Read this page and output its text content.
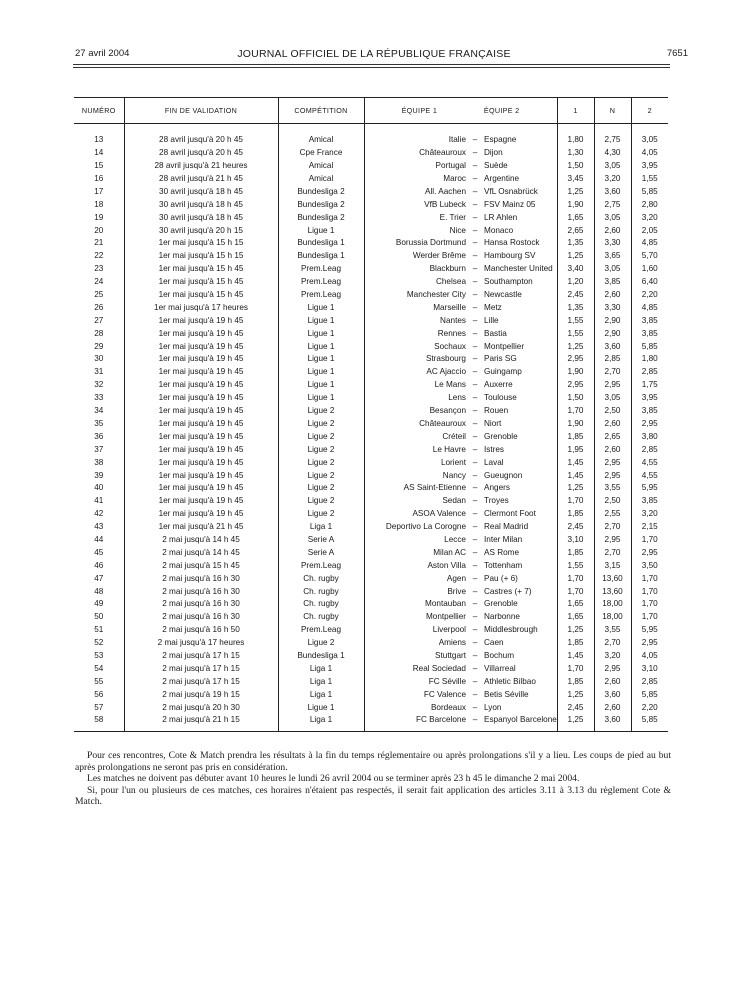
27 avril 2004	JOURNAL OFFICIEL DE LA RÉPUBLIQUE FRANÇAISE	7651
NUMÉRO	FIN DE VALIDATION	COMPÉTITION	ÉQUIPE 1 ÉQUIPE 2			1	N	2

13	28 avril jusqu'à 20 h 45	Amical	Italie	–	Espagne	1,80	2,75	3,05
14	28 avril jusqu'à 20 h 45	Cpe France	Châteauroux	–	Dijon	1,30	4,30	4,05
15	28 avril jusqu'à 21 heures	Amical	Portugal	–	Suède	1,50	3,05	3,95
16	28 avril jusqu'à 21 h 45	Amical	Maroc	–	Argentine	3,45	3,20	1,55
17	30 avril jusqu'à 18 h 45	Bundesliga 2	All. Aachen	–	VfL Osnabrück	1,25	3,60	5,85
18	30 avril jusqu'à 18 h 45	Bundesliga 2	VfB Lubeck	–	FSV Mainz 05	1,90	2,75	2,80
19	30 avril jusqu'à 18 h 45	Bundesliga 2	E. Trier	–	LR Ahlen	1,65	3,05	3,20
20	30 avril jusqu'à 20 h 15	Ligue 1	Nice	–	Monaco	2,65	2,60	2,05
21	1er mai jusqu'à 15 h 15	Bundesliga 1	Borussia Dortmund	–	Hansa Rostock	1,35	3,30	4,85
22	1er mai jusqu'à 15 h 15	Bundesliga 1	Werder Brême	–	Hambourg SV	1,25	3,65	5,70
23	1er mai jusqu'à 15 h 45	Prem.Leag	Blackburn	–	Manchester United	3,40	3,05	1,60
24	1er mai jusqu'à 15 h 45	Prem.Leag	Chelsea	–	Southampton	1,20	3,85	6,40
25	1er mai jusqu'à 15 h 45	Prem.Leag	Manchester City	–	Newcastle	2,45	2,60	2,20
26	1er mai jusqu'à 17 heures	Ligue 1	Marseille	–	Metz	1,35	3,30	4,85
27	1er mai jusqu'à 19 h 45	Ligue 1	Nantes	–	Lille	1,55	2,90	3,85
28	1er mai jusqu'à 19 h 45	Ligue 1	Rennes	–	Bastia	1,55	2,90	3,85
29	1er mai jusqu'à 19 h 45	Ligue 1	Sochaux	–	Montpellier	1,25	3,60	5,85
30	1er mai jusqu'à 19 h 45	Ligue 1	Strasbourg	–	Paris SG	2,95	2,85	1,80
31	1er mai jusqu'à 19 h 45	Ligue 1	AC Ajaccio	–	Guingamp	1,90	2,70	2,85
32	1er mai jusqu'à 19 h 45	Ligue 1	Le Mans	–	Auxerre	2,95	2,95	1,75
33	1er mai jusqu'à 19 h 45	Ligue 1	Lens	–	Toulouse	1,50	3,05	3,95
34	1er mai jusqu'à 19 h 45	Ligue 2	Besançon	–	Rouen	1,70	2,50	3,85
35	1er mai jusqu'à 19 h 45	Ligue 2	Châteauroux	–	Niort	1,90	2,60	2,95
36	1er mai jusqu'à 19 h 45	Ligue 2	Créteil	–	Grenoble	1,85	2,65	3,80
37	1er mai jusqu'à 19 h 45	Ligue 2	Le Havre	–	Istres	1,95	2,60	2,85
38	1er mai jusqu'à 19 h 45	Ligue 2	Lorient	–	Laval	1,45	2,95	4,55
39	1er mai jusqu'à 19 h 45	Ligue 2	Nancy	–	Gueugnon	1,45	2,95	4,55
40	1er mai jusqu'à 19 h 45	Ligue 2	AS Saint-Etienne	–	Angers	1,25	3,55	5,95
41	1er mai jusqu'à 19 h 45	Ligue 2	Sedan	–	Troyes	1,70	2,50	3,85
42	1er mai jusqu'à 19 h 45	Ligue 2	ASOA Valence	–	Clermont Foot	1,85	2,55	3,20
43	1er mai jusqu'à 21 h 45	Liga 1	Deportivo La Corogne	–	Real Madrid	2,45	2,70	2,15
44	2 mai jusqu'à 14 h 45	Serie A	Lecce	–	Inter Milan	3,10	2,95	1,70
45	2 mai jusqu'à 14 h 45	Serie A	Milan AC	–	AS Rome	1,85	2,70	2,95
46	2 mai jusqu'à 15 h 45	Prem.Leag	Aston Villa	–	Tottenham	1,55	3,15	3,50
47	2 mai jusqu'à 16 h 30	Ch. rugby	Agen	–	Pau (+ 6)	1,70	13,60	1,70
48	2 mai jusqu'à 16 h 30	Ch. rugby	Brive	–	Castres (+ 7)	1,70	13,60	1,70
49	2 mai jusqu'à 16 h 30	Ch. rugby	Montauban	–	Grenoble	1,65	18,00	1,70
50	2 mai jusqu'à 16 h 30	Ch. rugby	Montpellier	–	Narbonne	1,65	18,00	1,70
51	2 mai jusqu'à 16 h 50	Prem.Leag	Liverpool	–	Middlesbrough	1,25	3,55	5,95
52	2 mai jusqu'à 17 heures	Ligue 2	Amiens	–	Caen	1,85	2,70	2,95
53	2 mai jusqu'à 17 h 15	Bundesliga 1	Stuttgart	–	Bochum	1,45	3,20	4,05
54	2 mai jusqu'à 17 h 15	Liga 1	Real Sociedad	–	Villarreal	1,70	2,95	3,10
55	2 mai jusqu'à 17 h 15	Liga 1	FC Séville	–	Athletic Bilbao	1,85	2,60	2,85
56	2 mai jusqu'à 19 h 15	Liga 1	FC Valence	–	Betis Séville	1,25	3,60	5,85
57	2 mai jusqu'à 20 h 30	Ligue 1	Bordeaux	–	Lyon	2,45	2,60	2,20
58	2 mai jusqu'à 21 h 15	Liga 1	FC Barcelone	–	Espanyol Barcelone	1,25	3,60	5,85

Pour ces rencontres, Cote & Match prendra les résultats à la fin du temps réglementaire ou après prolongations s'il y a lieu. Les coups de pied au but après prolongations ne seront pas pris en considération.

Les matches ne doivent pas débuter avant 10 heures le lundi 26 avril 2004 ou se terminer après 23 h 45 le dimanche 2 mai 2004.

Si, pour l'un ou plusieurs de ces matches, ces horaires n'étaient pas respectés, il serait fait application des articles 3.11 à 3.13 du règlement Cote & Match.
